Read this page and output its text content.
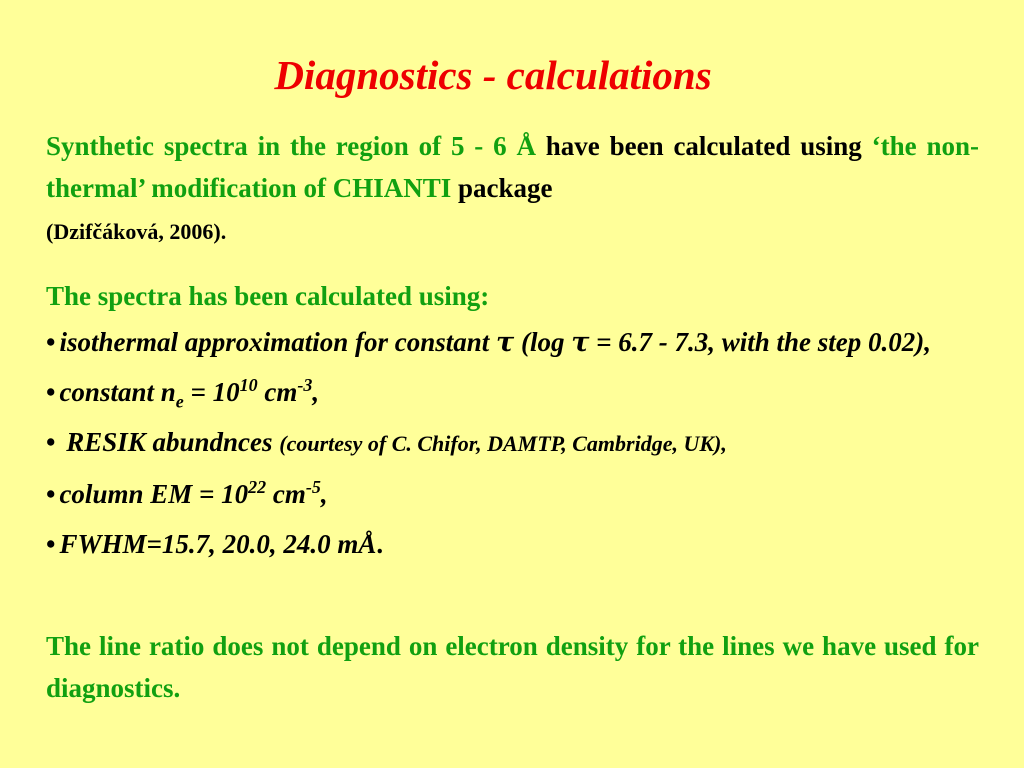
Diagnostics - calculations
Synthetic spectra in the region of 5 - 6 Å have been calculated using ‘the non-thermal’ modification of CHIANTI package
(Dzifčáková, 2006).
The spectra has been calculated using:
• isothermal approximation for constant τ (log τ = 6.7 - 7.3, with the step 0.02),
• constant $n_e = 10^{10}$ $cm^{-3}$,
• RESIK abundnces (courtesy of C. Chifor, DAMTP, Cambridge, UK),
• column EM = $10^{22}$ $cm^{-5}$,
• FWHM=15.7, 20.0, 24.0 mÅ.
The line ratio does not depend on electron density for the lines we have used for diagnostics.
